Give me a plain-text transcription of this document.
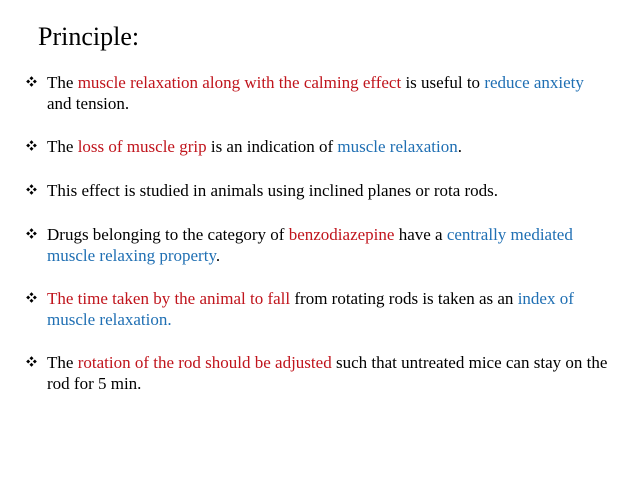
Principle:
The muscle relaxation along with the calming effect is useful to reduce anxiety and tension.
The loss of muscle grip is an indication of muscle relaxation.
This effect is studied in animals using inclined planes or rota rods.
Drugs belonging to the category of benzodiazepine have a centrally mediated muscle relaxing property.
The time taken by the animal to fall from rotating rods is taken as an index of muscle relaxation.
The rotation of the rod should be adjusted such that untreated mice can stay on the rod for 5 min.
